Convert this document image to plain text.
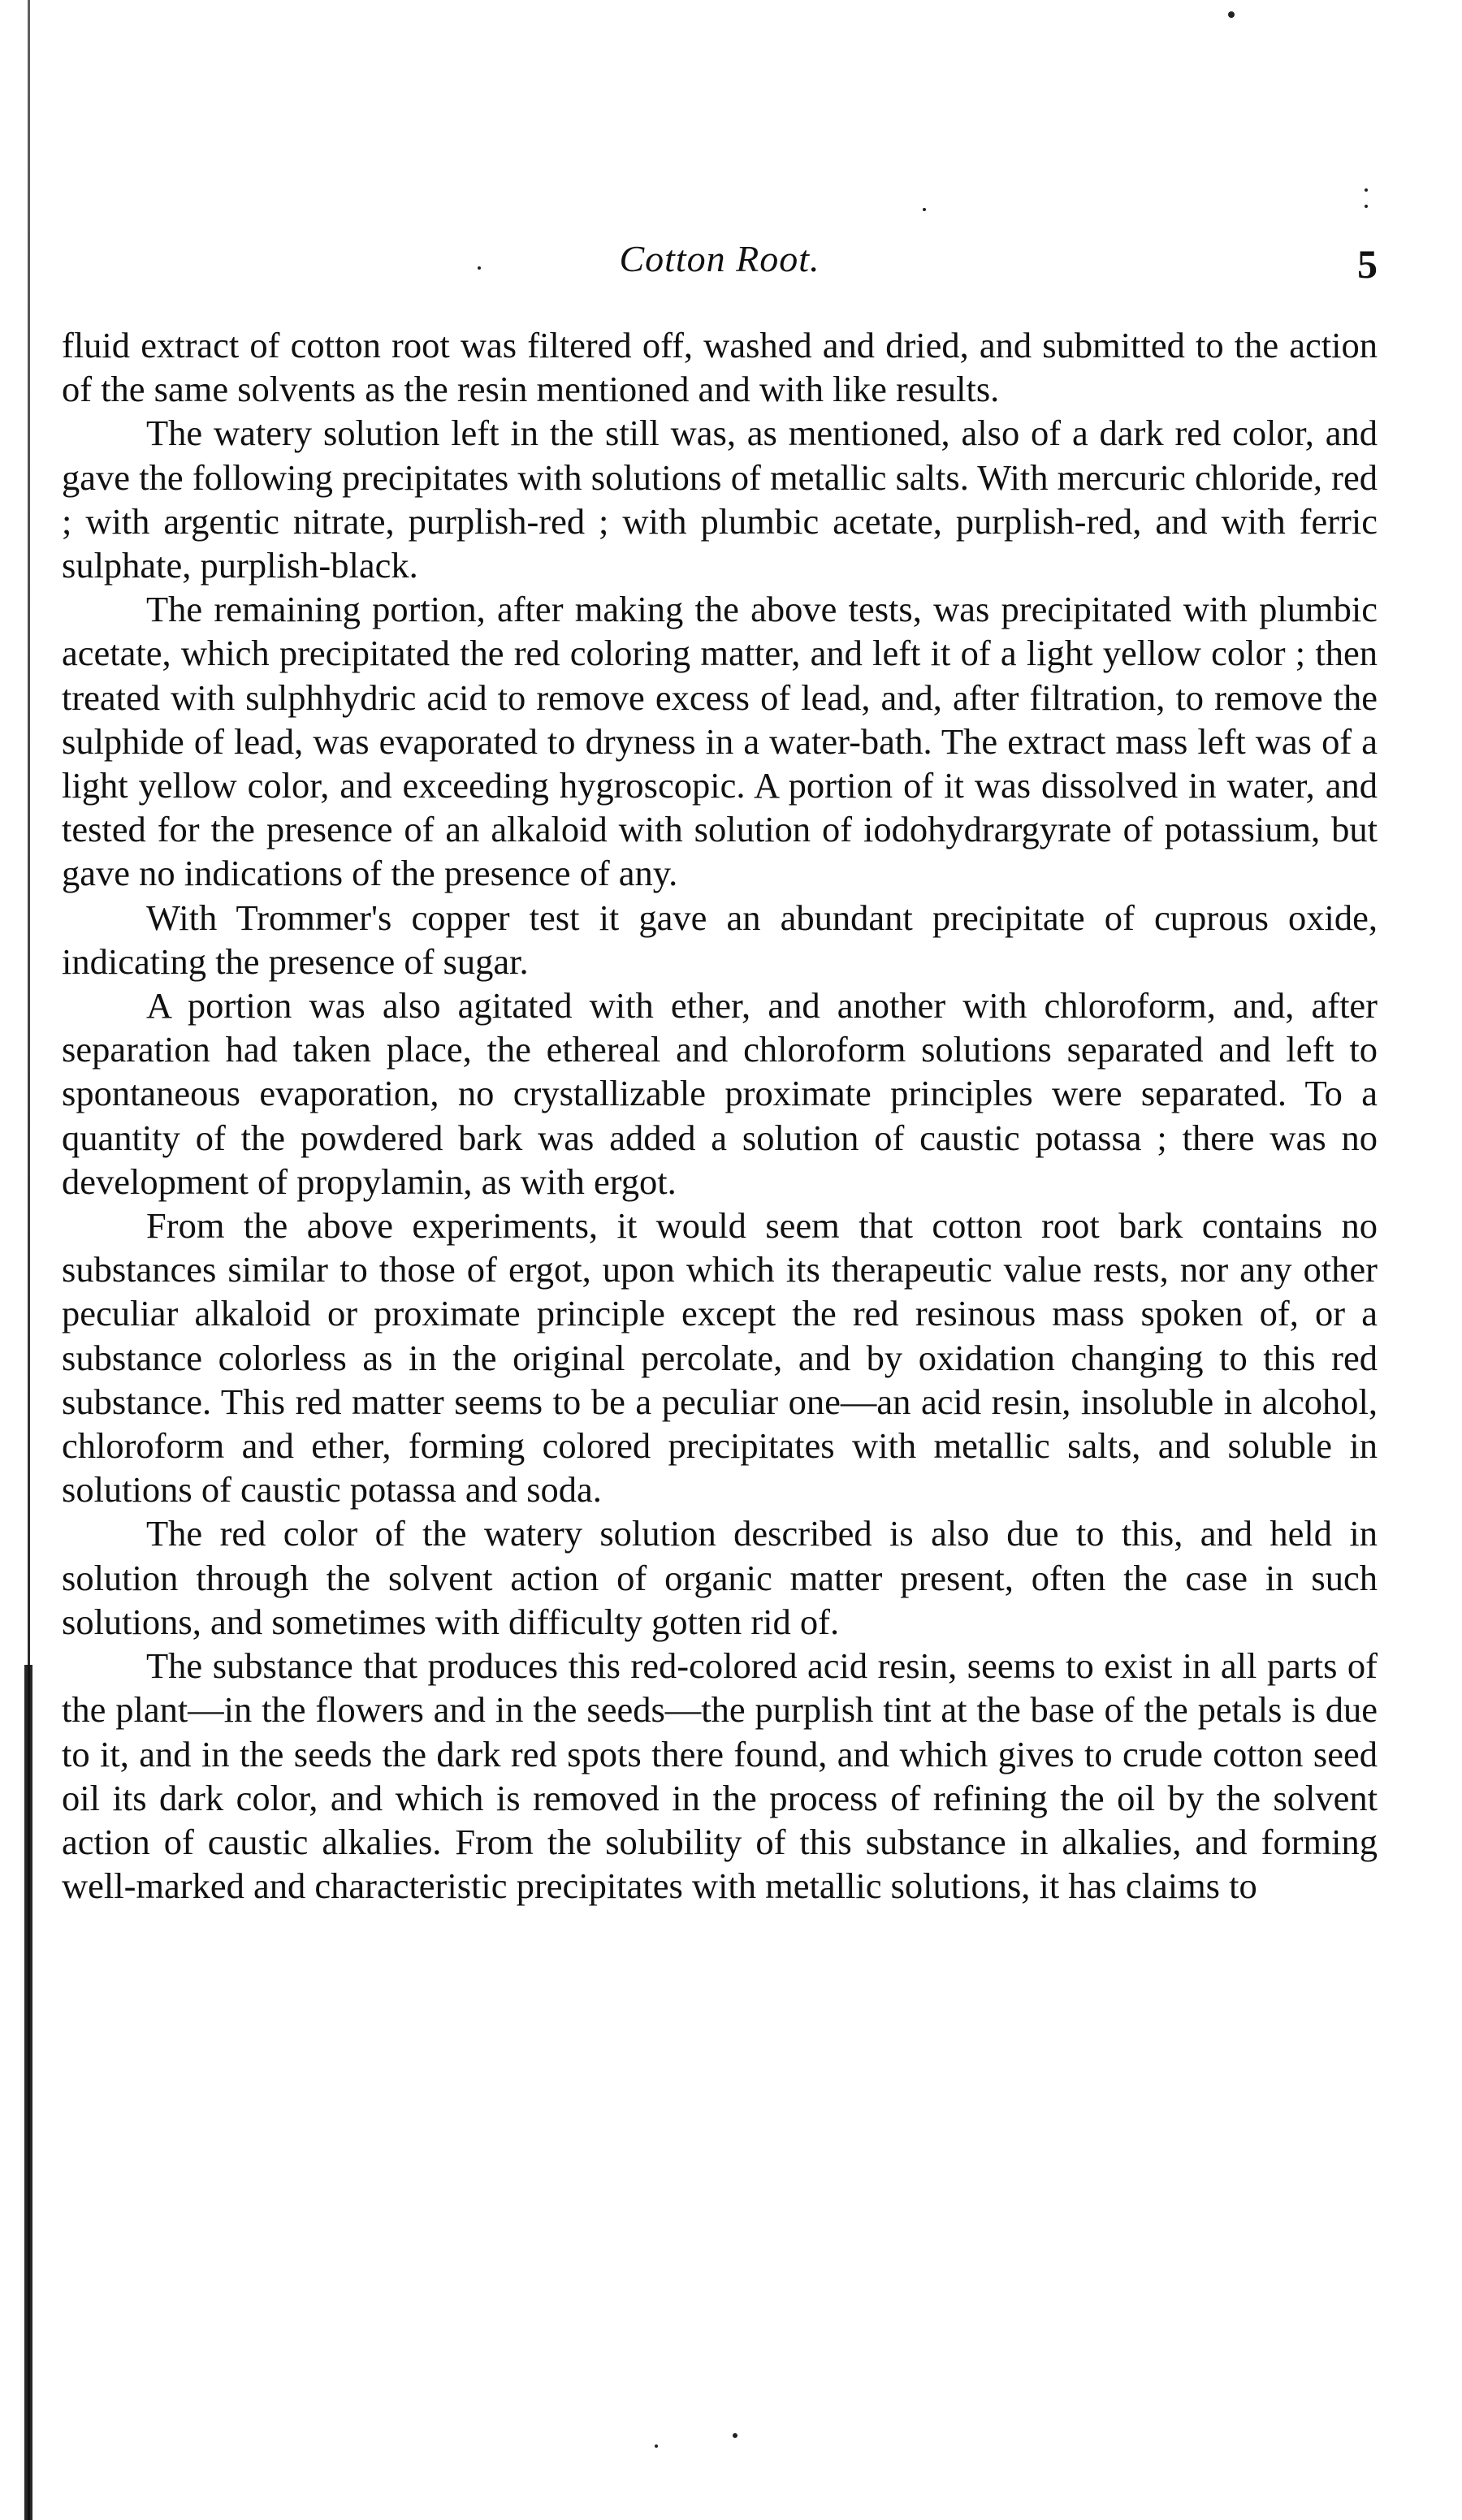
Cotton Root.	5

fluid extract of cotton root was filtered off, washed and dried, and submitted to the action of the same solvents as the resin mentioned and with like results.

The watery solution left in the still was, as mentioned, also of a dark red color, and gave the following precipitates with solutions of metallic salts. With mercuric chloride, red ; with argentic nitrate, purplish-red ; with plumbic acetate, purplish-red, and with ferric sulphate, purplish-black.

The remaining portion, after making the above tests, was precipitated with plumbic acetate, which precipitated the red coloring matter, and left it of a light yellow color ; then treated with sulphhydric acid to remove excess of lead, and, after filtration, to remove the sulphide of lead, was evaporated to dryness in a water-bath. The extract mass left was of a light yellow color, and exceeding hygroscopic. A portion of it was dissolved in water, and tested for the presence of an alkaloid with solution of iodohydrargyrate of potassium, but gave no indications of the presence of any.

With Trommer's copper test it gave an abundant precipitate of cuprous oxide, indicating the presence of sugar.

A portion was also agitated with ether, and another with chloroform, and, after separation had taken place, the ethereal and chloroform solutions separated and left to spontaneous evaporation, no crystallizable proximate principles were separated. To a quantity of the powdered bark was added a solution of caustic potassa ; there was no development of propylamin, as with ergot.

From the above experiments, it would seem that cotton root bark contains no substances similar to those of ergot, upon which its therapeutic value rests, nor any other peculiar alkaloid or proximate principle except the red resinous mass spoken of, or a substance colorless as in the original percolate, and by oxidation changing to this red substance. This red matter seems to be a peculiar one—an acid resin, insoluble in alcohol, chloroform and ether, forming colored precipitates with metallic salts, and soluble in solutions of caustic potassa and soda.

The red color of the watery solution described is also due to this, and held in solution through the solvent action of organic matter present, often the case in such solutions, and sometimes with difficulty gotten rid of.

The substance that produces this red-colored acid resin, seems to exist in all parts of the plant—in the flowers and in the seeds—the purplish tint at the base of the petals is due to it, and in the seeds the dark red spots there found, and which gives to crude cotton seed oil its dark color, and which is removed in the process of refining the oil by the solvent action of caustic alkalies. From the solubility of this substance in alkalies, and forming well-marked and characteristic precipitates with metallic solutions, it has claims to
